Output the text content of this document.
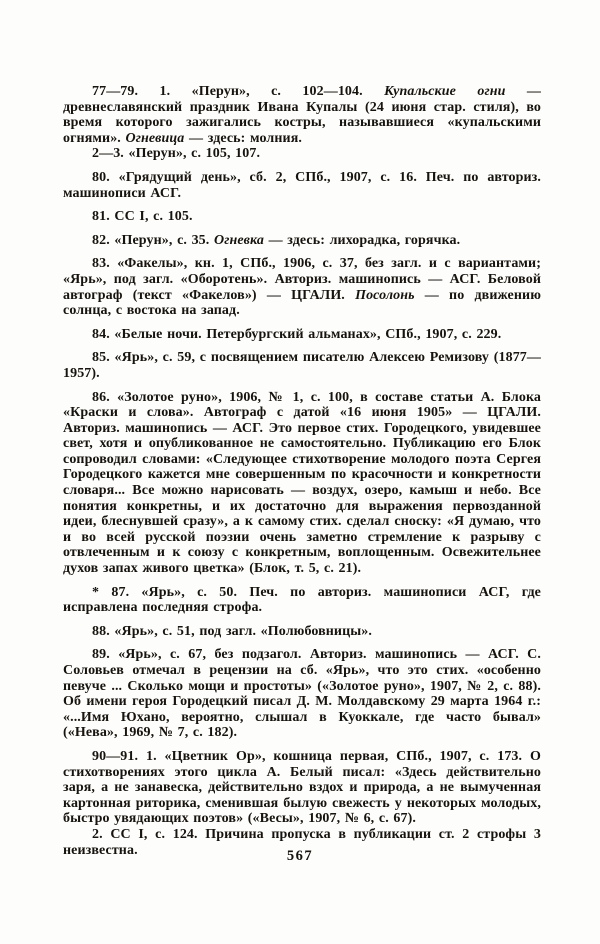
77—79. 1. «Перун», с. 102—104. Купальские огни — древнеславянский праздник Ивана Купалы (24 июня стар. стиля), во время которого зажигались костры, называвшиеся «купальскими огнями». Огневица — здесь: молния.

2—3. «Перун», с. 105, 107.

80. «Грядущий день», сб. 2, СПб., 1907, с. 16. Печ. по авториз. машинописи АСГ.

81. СС I, с. 105.

82. «Перун», с. 35. Огневка — здесь: лихорадка, горячка.

83. «Факелы», кн. 1, СПб., 1906, с. 37, без загл. и с вариантами; «Ярь», под загл. «Оборотень». Авториз. машинопись — АСГ. Беловой автограф (текст «Факелов») — ЦГАЛИ. Посолонь — по движению солнца, с востока на запад.

84. «Белые ночи. Петербургский альманах», СПб., 1907, с. 229.

85. «Ярь», с. 59, с посвящением писателю Алексею Ремизову (1877—1957).

86. «Золотое руно», 1906, № 1, с. 100, в составе статьи А. Блока «Краски и слова». Автограф с датой «16 июня 1905» — ЦГАЛИ. Авториз. машинопись — АСГ. Это первое стих. Городецкого, увидевшее свет, хотя и опубликованное не самостоятельно. Публикацию его Блок сопроводил словами: «Следующее стихотворение молодого поэта Сергея Городецкого кажется мне совершенным по красочности и конкретности словаря... Все можно нарисовать — воздух, озеро, камыш и небо. Все понятия конкретны, и их достаточно для выражения первозданной идеи, блеснувшей сразу», а к самому стих. сделал сноску: «Я думаю, что и во всей русской поэзии очень заметно стремление к разрыву с отвлеченным и к союзу с конкретным, воплощенным. Освежительнее духов запах живого цветка» (Блок, т. 5, с. 21).

* 87. «Ярь», с. 50. Печ. по авториз. машинописи АСГ, где исправлена последняя строфа.

88. «Ярь», с. 51, под загл. «Полюбовницы».

89. «Ярь», с. 67, без подзагол. Авториз. машинопись — АСГ. С. Соловьев отмечал в рецензии на сб. «Ярь», что это стих. «особенно певуче ... Сколько мощи и простоты» («Золотое руно», 1907, № 2, с. 88). Об имени героя Городецкий писал Д. М. Молдавскому 29 марта 1964 г.: «...Имя Юхано, вероятно, слышал в Куоккале, где часто бывал» («Нева», 1969, № 7, с. 182).

90—91. 1. «Цветник Ор», кошница первая, СПб., 1907, с. 173. О стихотворениях этого цикла А. Белый писал: «Здесь действительно заря, а не занавеска, действительно вздох и природа, а не вымученная картонная риторика, сменившая былую свежесть у некоторых молодых, быстро увядающих поэтов» («Весы», 1907, № 6, с. 67).

2. СС I, с. 124. Причина пропуска в публикации ст. 2 строфы 3 неизвестна.	567
